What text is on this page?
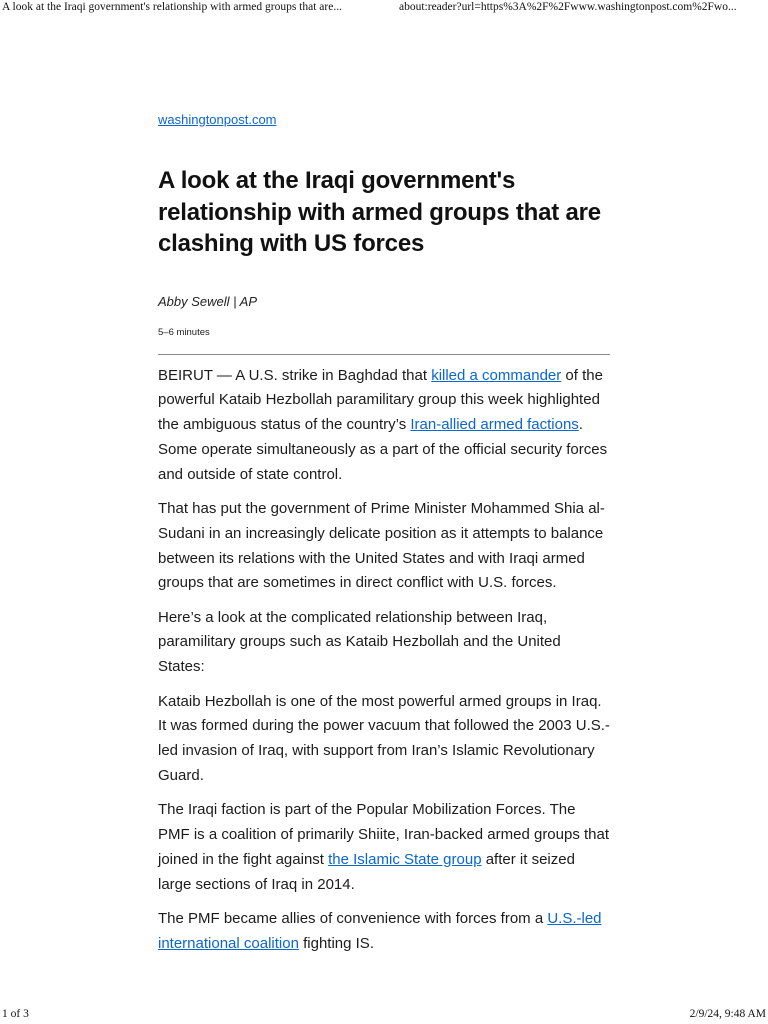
A look at the Iraqi government's relationship with armed groups that are...	about:reader?url=https%3A%2F%2Fwww.washingtonpost.com%2Fwo...
washingtonpost.com
A look at the Iraqi government's relationship with armed groups that are clashing with US forces
Abby Sewell | AP
5–6 minutes

BEIRUT — A U.S. strike in Baghdad that killed a commander of the powerful Kataib Hezbollah paramilitary group this week highlighted the ambiguous status of the country’s Iran-allied armed factions. Some operate simultaneously as a part of the official security forces and outside of state control.

That has put the government of Prime Minister Mohammed Shia al-Sudani in an increasingly delicate position as it attempts to balance between its relations with the United States and with Iraqi armed groups that are sometimes in direct conflict with U.S. forces.

Here’s a look at the complicated relationship between Iraq, paramilitary groups such as Kataib Hezbollah and the United States:

Kataib Hezbollah is one of the most powerful armed groups in Iraq. It was formed during the power vacuum that followed the 2003 U.S.-led invasion of Iraq, with support from Iran’s Islamic Revolutionary Guard.

The Iraqi faction is part of the Popular Mobilization Forces. The PMF is a coalition of primarily Shiite, Iran-backed armed groups that joined in the fight against the Islamic State group after it seized large sections of Iraq in 2014.

The PMF became allies of convenience with forces from a U.S.-led international coalition fighting IS.

1 of 3	2/9/24, 9:48 AM
